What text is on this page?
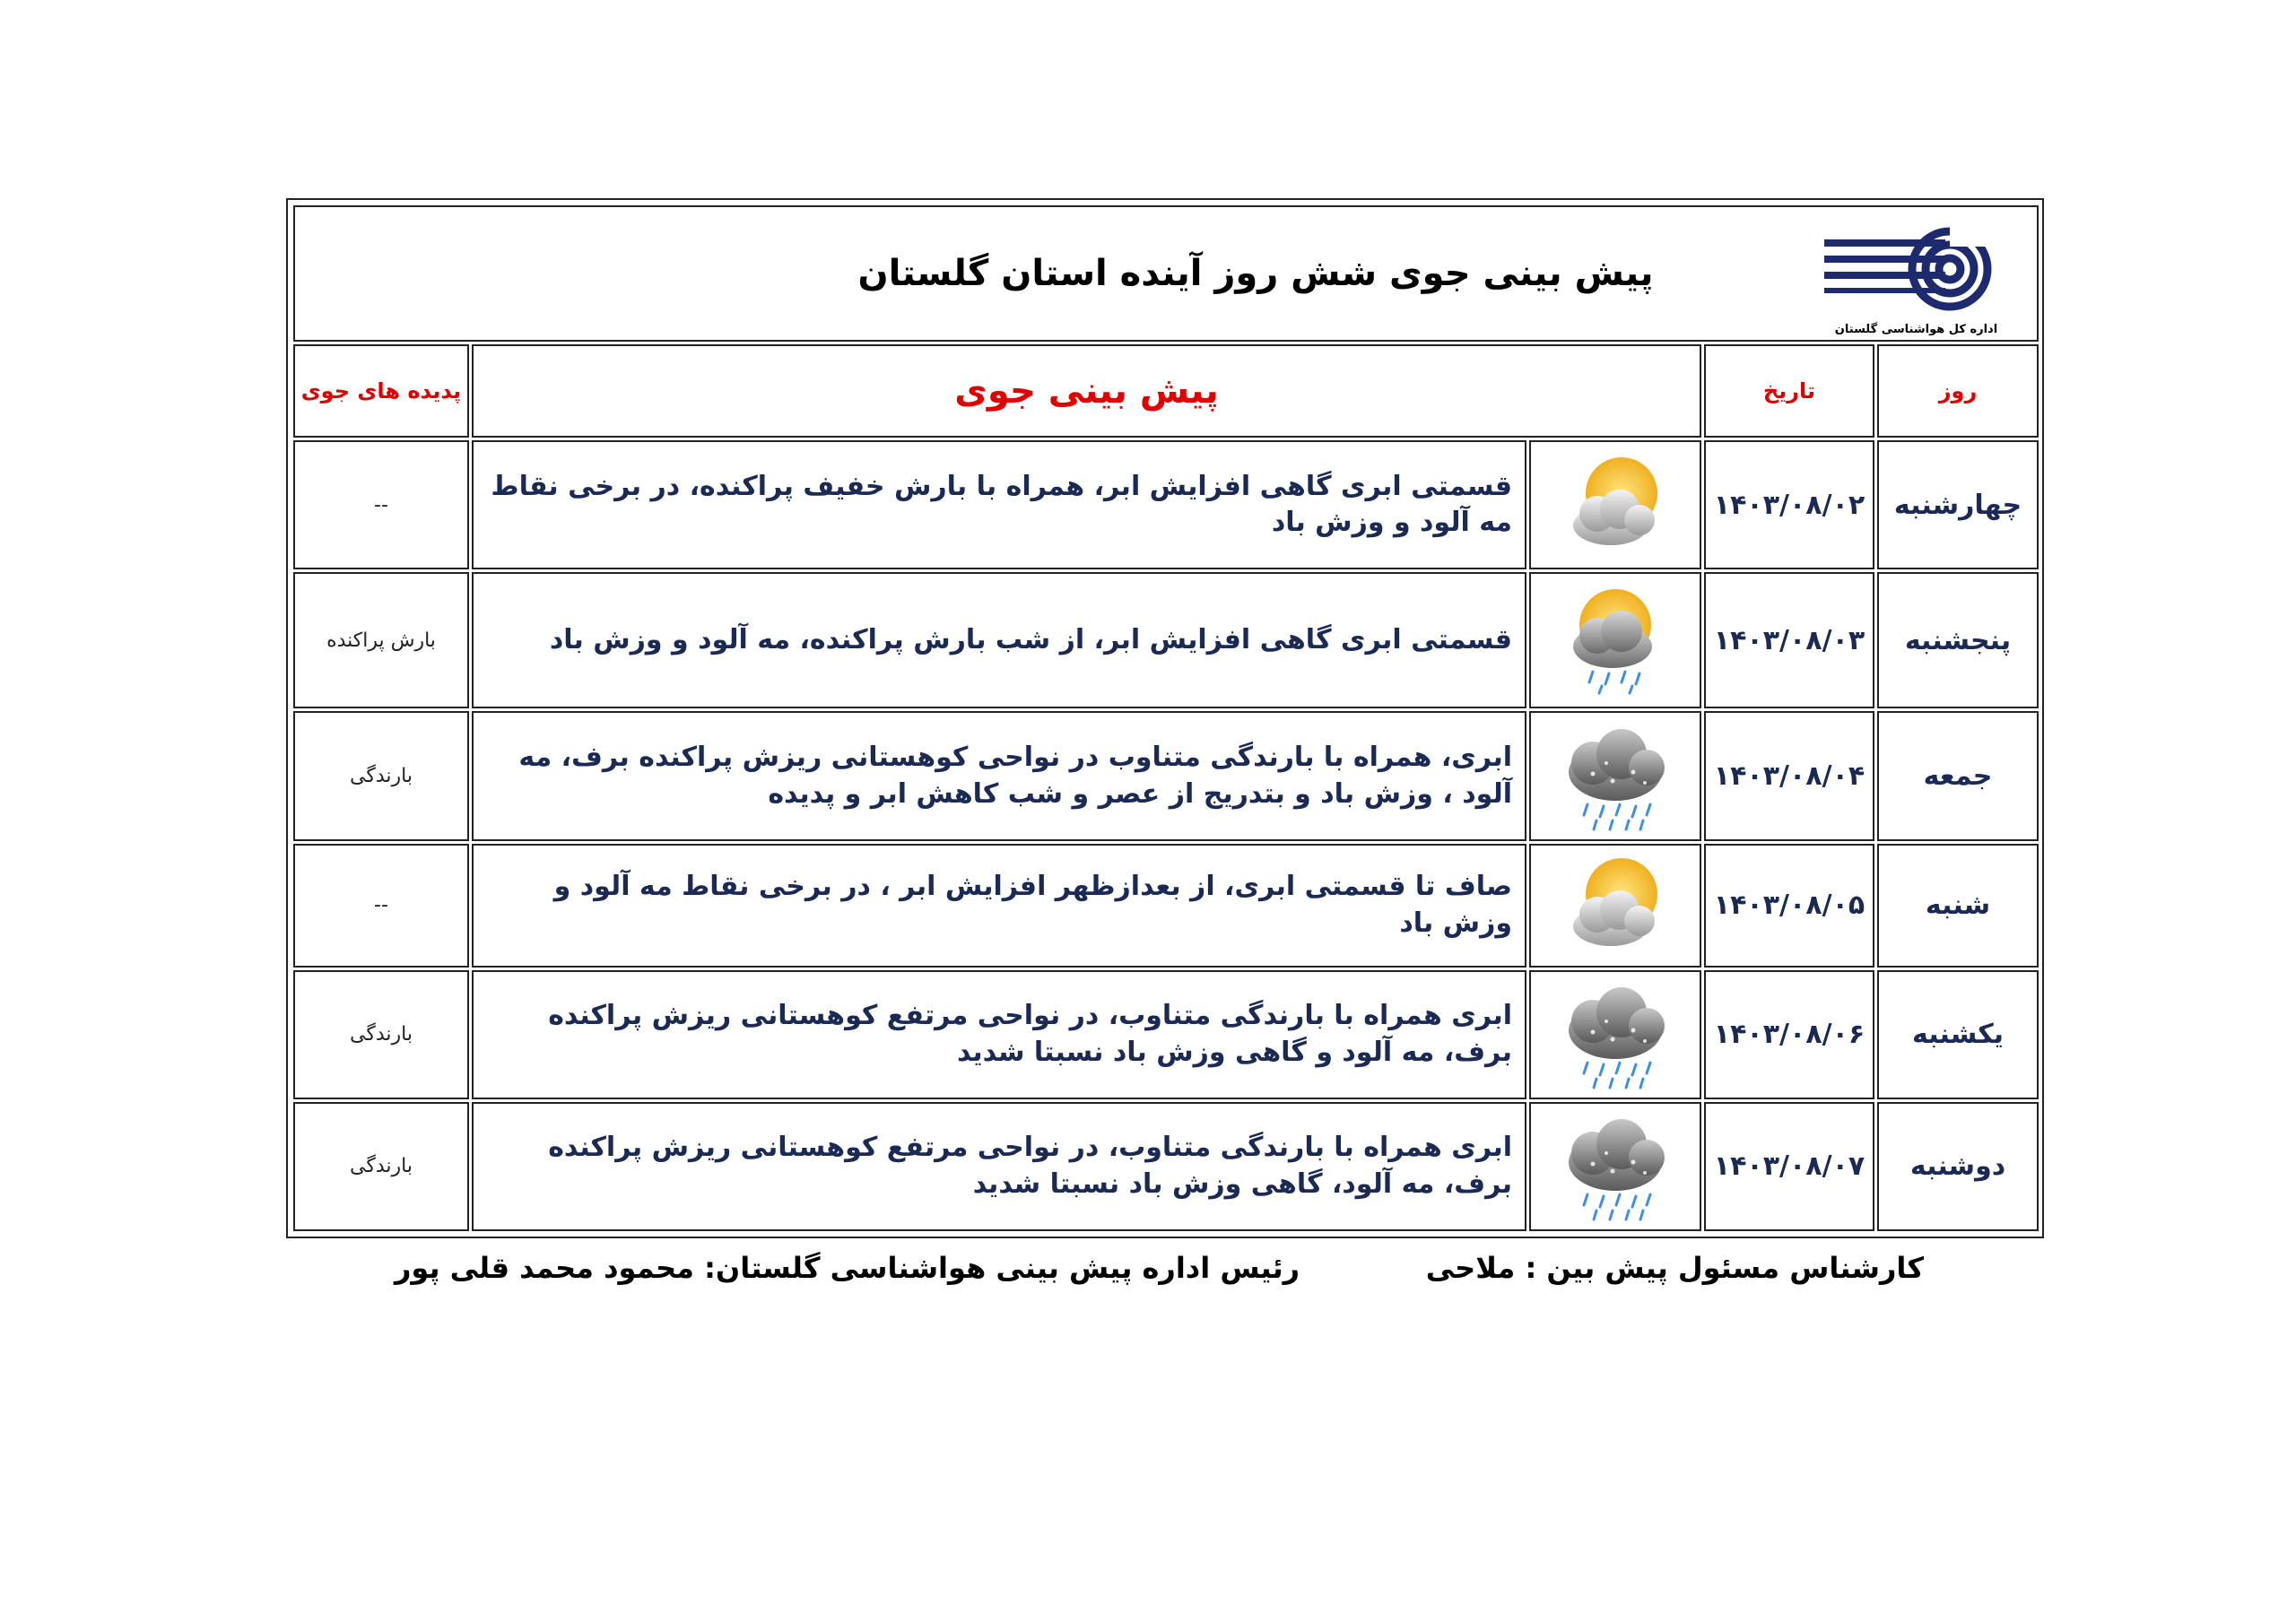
اداره کل هواشناسی گلستان
پیش بینی جوی شش روز آینده استان گلستان				

روز	تاریخ	پیش بینی جوی		پدیده های جوی
چهارشنبه	۱۴۰۳/۰۸/۰۲		قسمتی ابری گاهی افزایش ابر، همراه با بارش خفیف پراکنده، در برخی نقاط مه آلود و وزش باد	--
پنجشنبه	۱۴۰۳/۰۸/۰۳		قسمتی ابری گاهی افزایش ابر، از شب بارش پراکنده، مه آلود و وزش باد	بارش پراکنده
جمعه	۱۴۰۳/۰۸/۰۴		ابری، همراه با بارندگی متناوب در نواحی کوهستانی ریزش پراکنده برف، مه آلود ، وزش باد و بتدریج از عصر و شب کاهش ابر و پدیده	بارندگی
شنبه	۱۴۰۳/۰۸/۰۵		صاف تا قسمتی ابری، از بعدازظهر افزایش ابر ، در برخی نقاط مه آلود و وزش باد	--
یکشنبه	۱۴۰۳/۰۸/۰۶		ابری همراه با بارندگی متناوب، در نواحی مرتفع کوهستانی ریزش پراکنده برف، مه آلود و گاهی وزش باد نسبتا شدید	بارندگی
دوشنبه	۱۴۰۳/۰۸/۰۷		ابری همراه با بارندگی متناوب، در نواحی مرتفع کوهستانی ریزش پراکنده برف، مه آلود، گاهی وزش باد نسبتا شدید	بارندگی
کارشناس مسئول پیش بین : ملاحی
رئیس اداره پیش بینی هواشناسی گلستان: محمود محمد قلی پور
